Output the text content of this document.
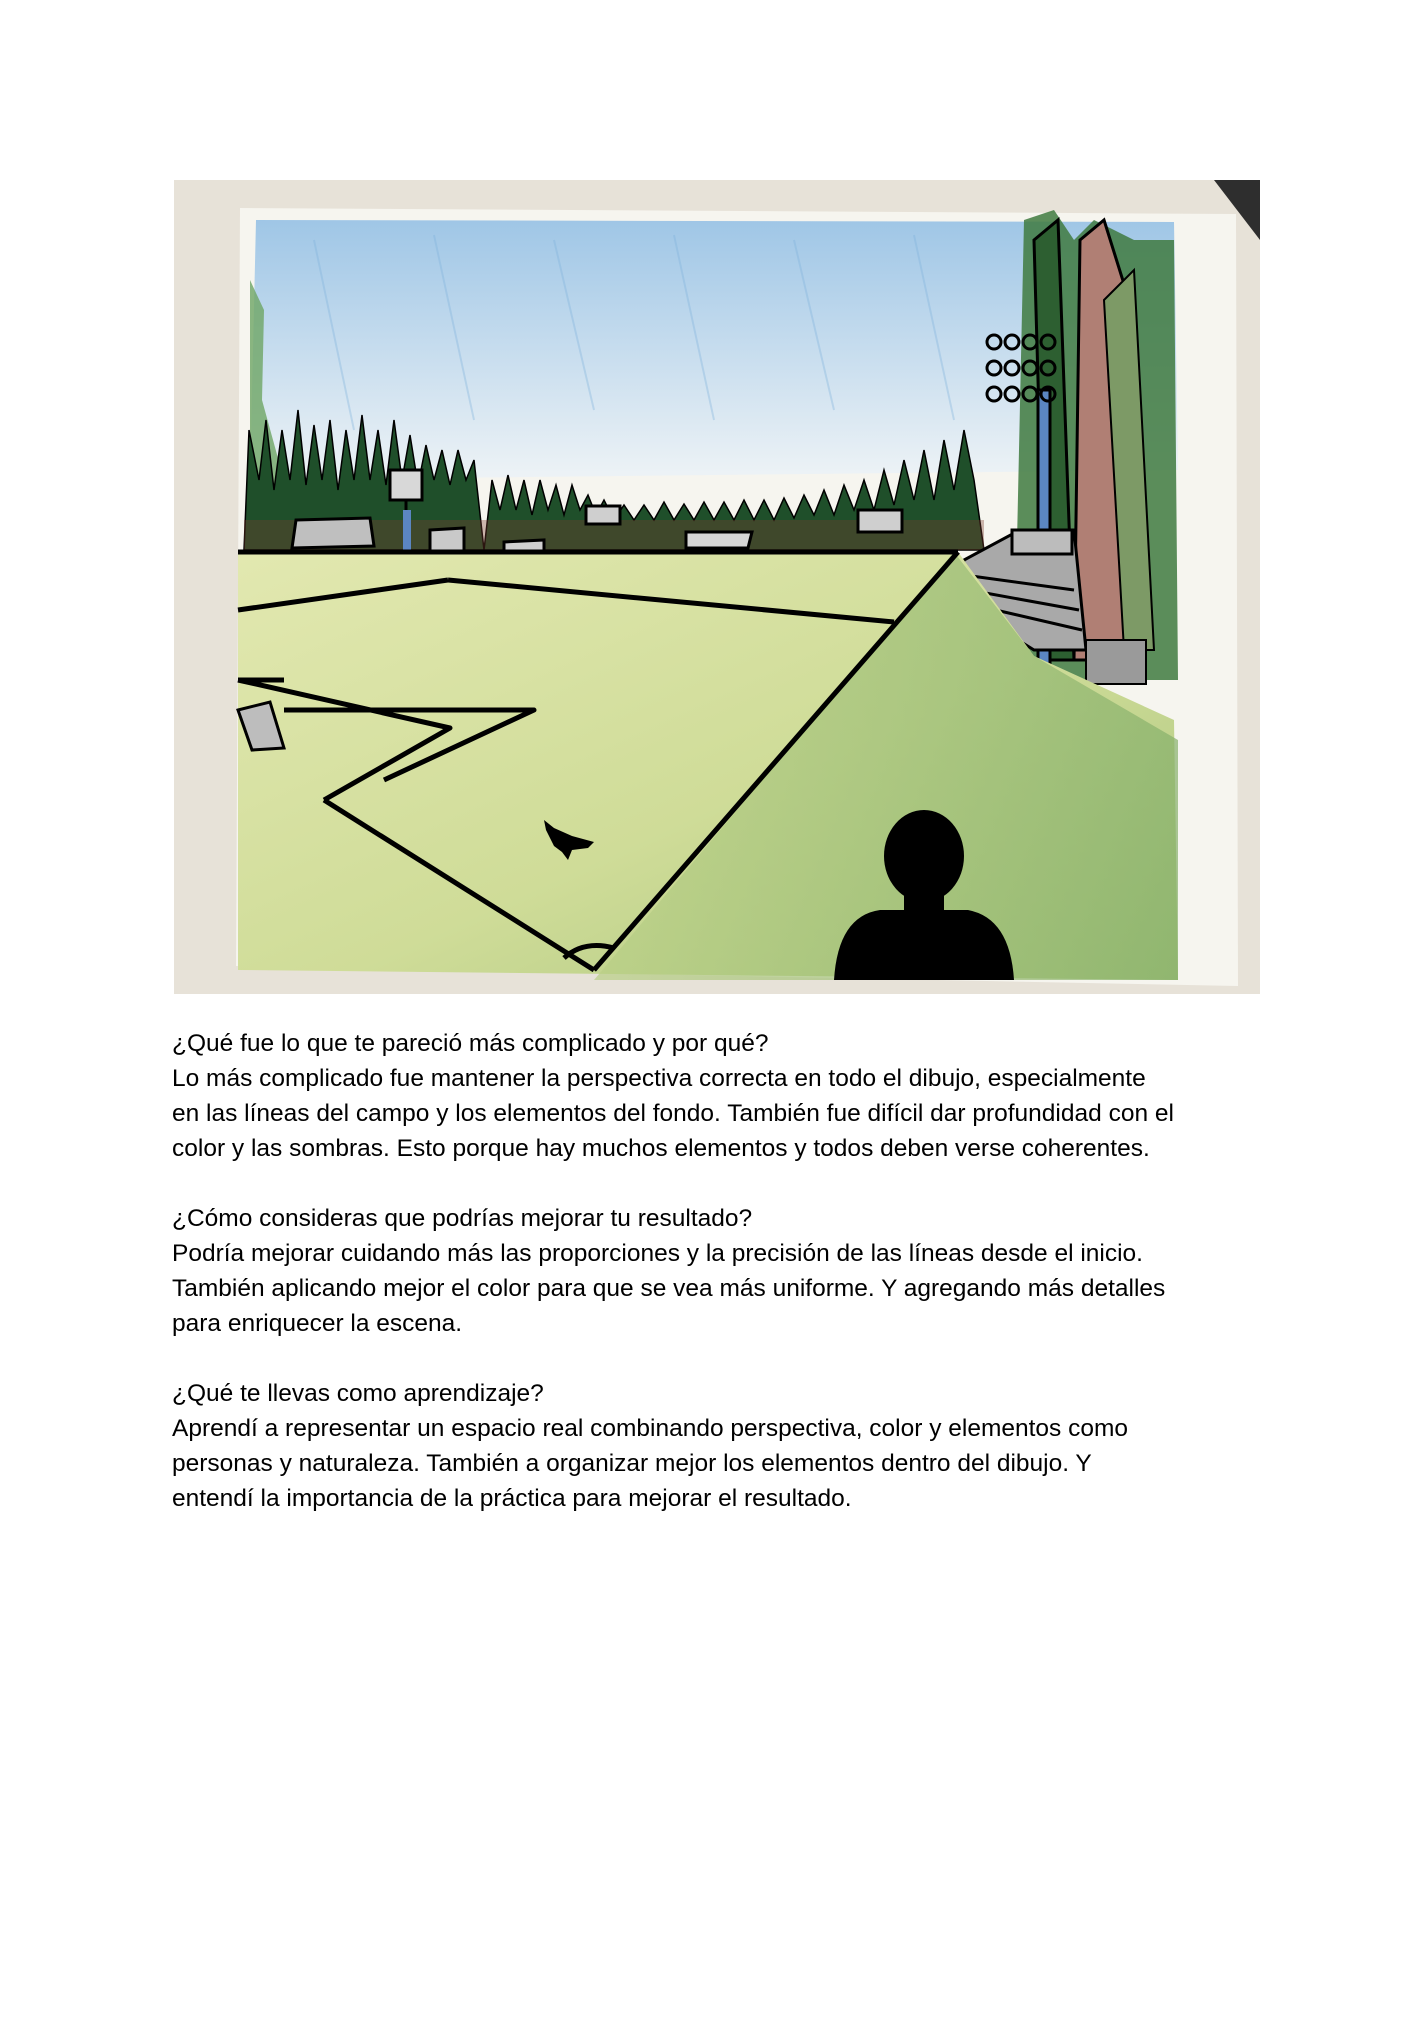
¿Qué fue lo que te pareció más complicado y por qué?

Lo más complicado fue mantener la perspectiva correcta en todo el dibujo, especialmente

en las líneas del campo y los elementos del fondo. También fue difícil dar profundidad con el

color y las sombras. Esto porque hay muchos elementos y todos deben verse coherentes.

¿Cómo consideras que podrías mejorar tu resultado?

Podría mejorar cuidando más las proporciones y la precisión de las líneas desde el inicio.

También aplicando mejor el color para que se vea más uniforme. Y agregando más detalles

para enriquecer la escena.

¿Qué te llevas como aprendizaje?

Aprendí a representar un espacio real combinando perspectiva, color y elementos como

personas y naturaleza. También a organizar mejor los elementos dentro del dibujo. Y

entendí la importancia de la práctica para mejorar el resultado.
